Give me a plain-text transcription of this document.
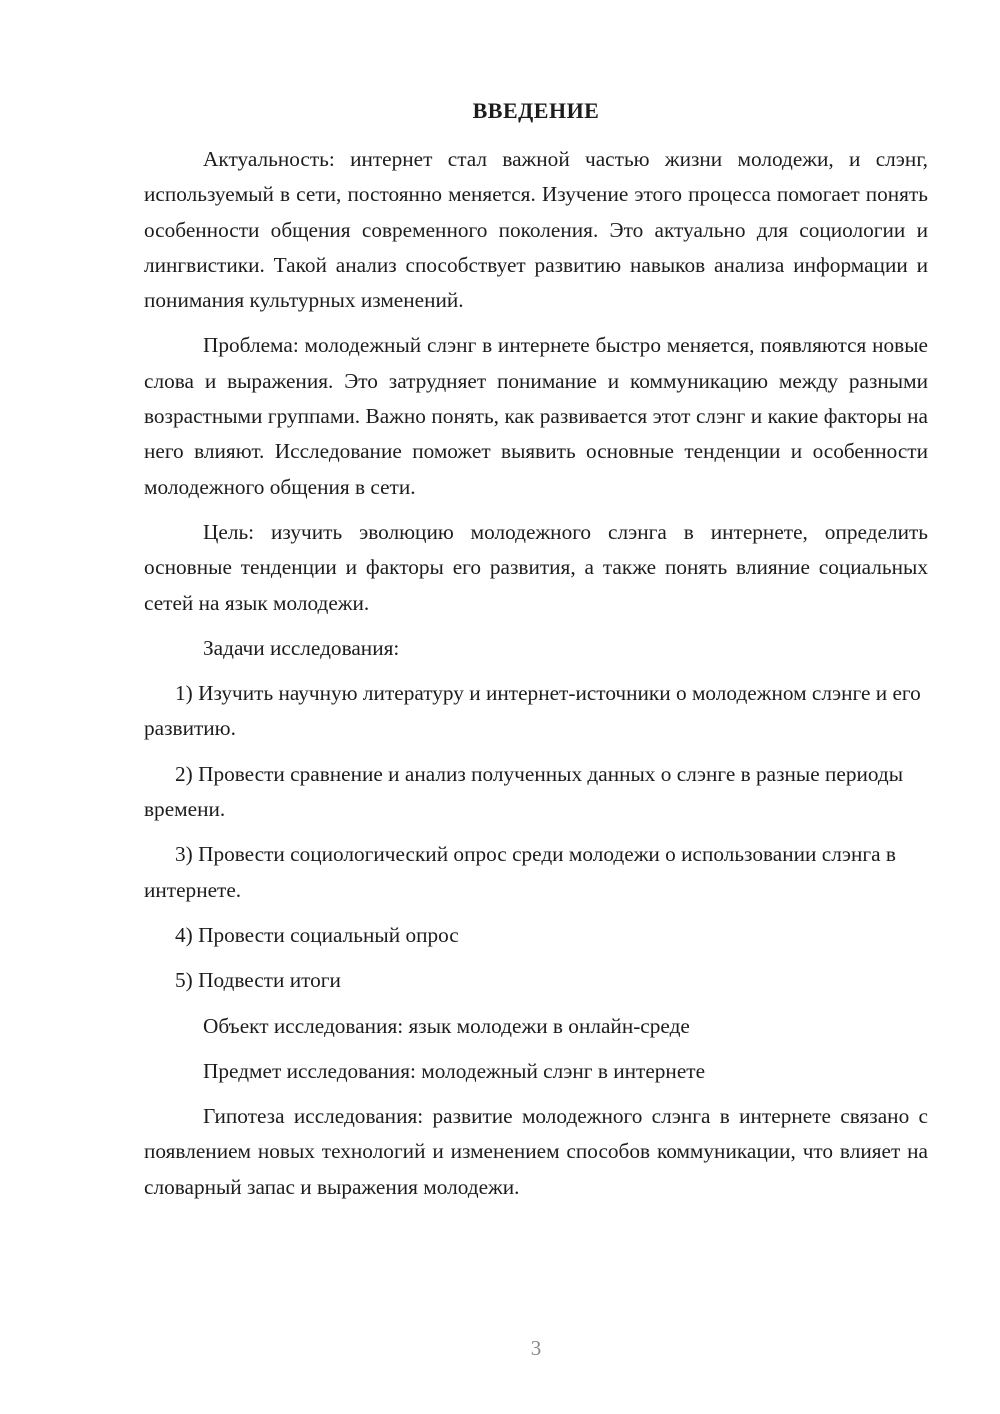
ВВЕДЕНИЕ

Актуальность: интернет стал важной частью жизни молодежи, и слэнг, используемый в сети, постоянно меняется. Изучение этого процесса помогает понять особенности общения современного поколения. Это актуально для социологии и лингвистики. Такой анализ способствует развитию навыков анализа информации и понимания культурных изменений.

Проблема: молодежный слэнг в интернете быстро меняется, появляются новые слова и выражения. Это затрудняет понимание и коммуникацию между разными возрастными группами. Важно понять, как развивается этот слэнг и какие факторы на него влияют. Исследование поможет выявить основные тенденции и особенности молодежного общения в сети.

Цель: изучить эволюцию молодежного слэнга в интернете, определить основные тенденции и факторы его развития, а также понять влияние социальных сетей на язык молодежи.

Задачи исследования:

1) Изучить научную литературу и интернет-источники о молодежном слэнге и его развитию.

2) Провести сравнение и анализ полученных данных о слэнге в разные периоды времени.

3) Провести социологический опрос среди молодежи о использовании слэнга в интернете.

4) Провести социальный опрос

5) Подвести итоги

Объект исследования: язык молодежи в онлайн-среде

Предмет исследования: молодежный слэнг в интернете

Гипотеза исследования: развитие молодежного слэнга в интернете связано с появлением новых технологий и изменением способов коммуникации, что влияет на словарный запас и выражения молодежи.

3
